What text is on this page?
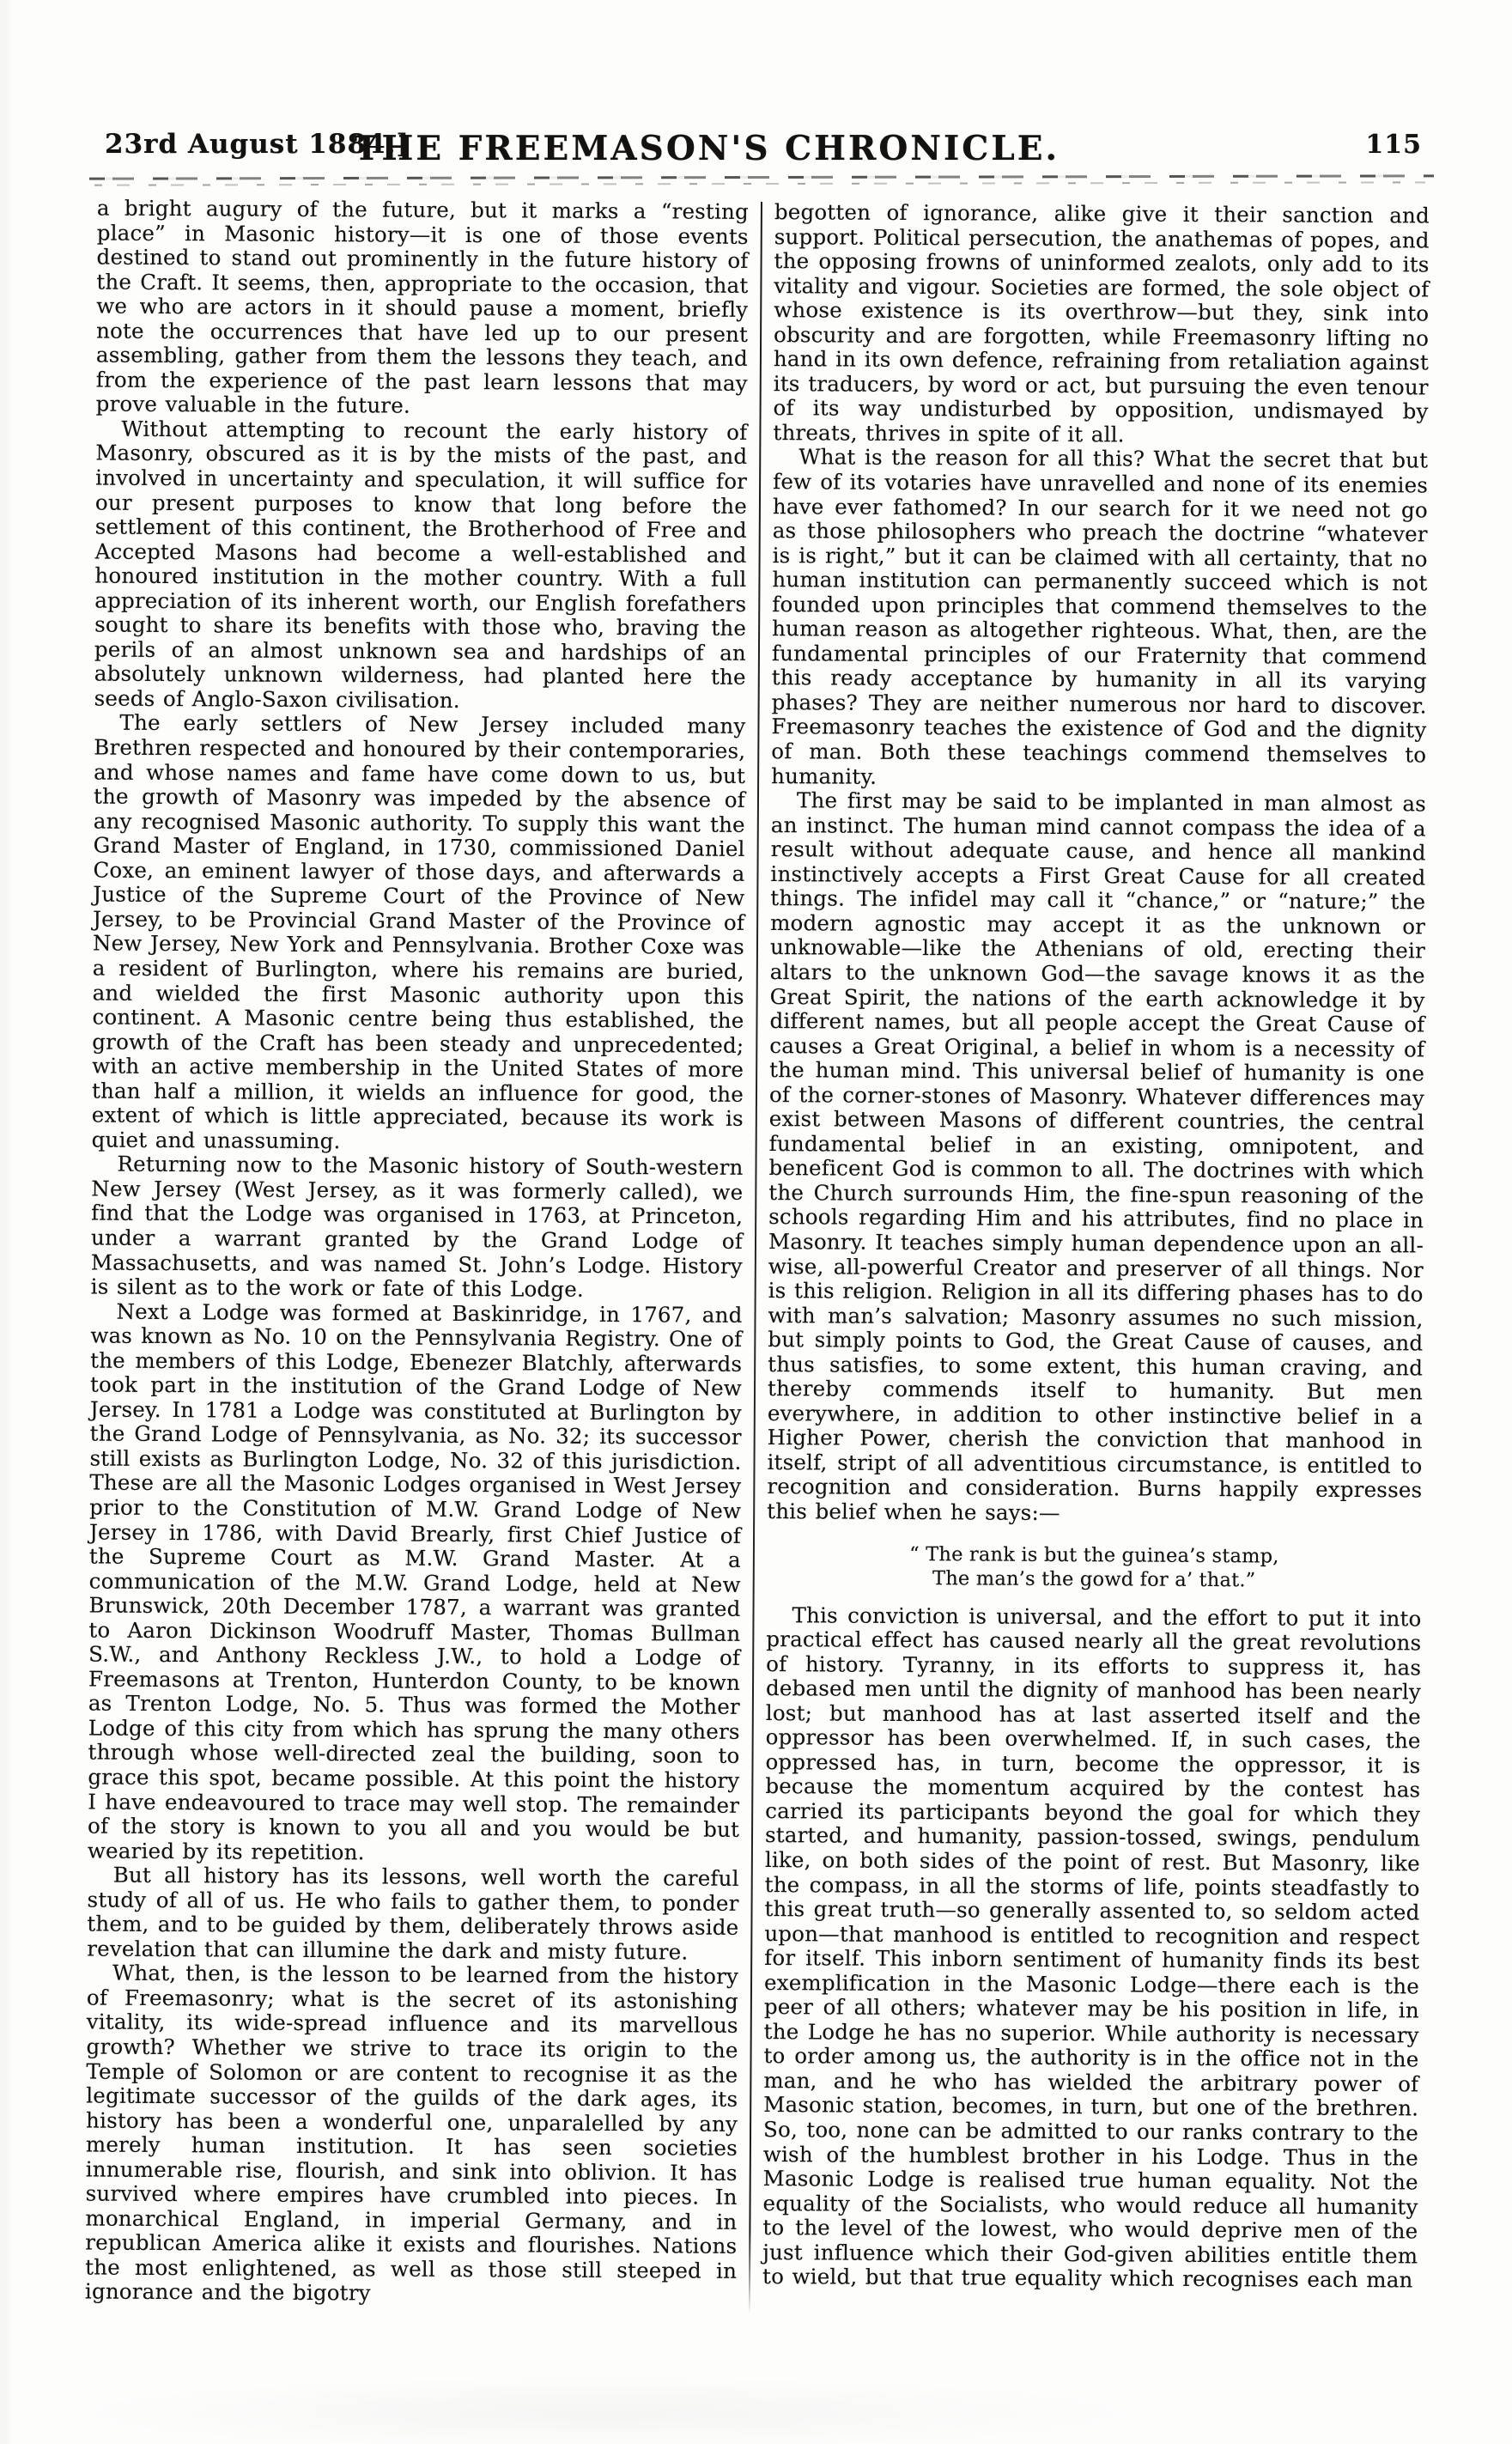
23rd August 1884.]
THE FREEMASON'S CHRONICLE.	115

a bright augury of the future, but it marks a “resting place” in Masonic history—it is one of those events destined to stand out prominently in the future history of the Craft. It seems, then, appropriate to the occasion, that we who are actors in it should pause a moment, briefly note the occurrences that have led up to our present assembling, gather from them the lessons they teach, and from the experience of the past learn lessons that may prove valuable in the future.

Without attempting to recount the early history of Masonry, obscured as it is by the mists of the past, and involved in uncertainty and speculation, it will suffice for our present purposes to know that long before the settlement of this continent, the Brotherhood of Free and Accepted Masons had become a well-established and honoured institution in the mother country. With a full appreciation of its inherent worth, our English forefathers sought to share its benefits with those who, braving the perils of an almost unknown sea and hardships of an absolutely unknown wilderness, had planted here the seeds of Anglo-Saxon civilisation.

The early settlers of New Jersey included many Brethren respected and honoured by their contemporaries, and whose names and fame have come down to us, but the growth of Masonry was impeded by the absence of any recognised Masonic authority. To supply this want the Grand Master of England, in 1730, commissioned Daniel Coxe, an eminent lawyer of those days, and afterwards a Justice of the Supreme Court of the Province of New Jersey, to be Provincial Grand Master of the Province of New Jersey, New York and Pennsylvania. Brother Coxe was a resident of Burlington, where his remains are buried, and wielded the first Masonic authority upon this continent. A Masonic centre being thus established, the growth of the Craft has been steady and unprecedented; with an active membership in the United States of more than half a million, it wields an influence for good, the extent of which is little appreciated, because its work is quiet and unassuming.

Returning now to the Masonic history of South-western New Jersey (West Jersey, as it was formerly called), we find that the Lodge was organised in 1763, at Princeton, under a warrant granted by the Grand Lodge of Massachusetts, and was named St. John’s Lodge. History is silent as to the work or fate of this Lodge.

Next a Lodge was formed at Baskinridge, in 1767, and was known as No. 10 on the Pennsylvania Registry. One of the members of this Lodge, Ebenezer Blatchly, afterwards took part in the institution of the Grand Lodge of New Jersey. In 1781 a Lodge was constituted at Burlington by the Grand Lodge of Pennsylvania, as No. 32; its successor still exists as Burlington Lodge, No. 32 of this jurisdiction. These are all the Masonic Lodges organised in West Jersey prior to the Constitution of M.W. Grand Lodge of New Jersey in 1786, with David Brearly, first Chief Justice of the Supreme Court as M.W. Grand Master. At a communication of the M.W. Grand Lodge, held at New Brunswick, 20th December 1787, a warrant was granted to Aaron Dickinson Woodruff Master, Thomas Bullman S.W., and Anthony Reckless J.W., to hold a Lodge of Freemasons at Trenton, Hunterdon County, to be known as Trenton Lodge, No. 5. Thus was formed the Mother Lodge of this city from which has sprung the many others through whose well-directed zeal the building, soon to grace this spot, became possible. At this point the history I have endeavoured to trace may well stop. The remainder of the story is known to you all and you would be but wearied by its repetition.

But all history has its lessons, well worth the careful study of all of us. He who fails to gather them, to ponder them, and to be guided by them, deliberately throws aside revelation that can illumine the dark and misty future.

What, then, is the lesson to be learned from the history of Freemasonry; what is the secret of its astonishing vitality, its wide-spread influence and its marvellous growth? Whether we strive to trace its origin to the Temple of Solomon or are content to recognise it as the legitimate successor of the guilds of the dark ages, its history has been a wonderful one, unparalelled by any merely human institution. It has seen societies innumerable rise, flourish, and sink into oblivion. It has survived where empires have crumbled into pieces. In monarchical England, in imperial Germany, and in republican America alike it exists and flourishes. Nations the most enlightened, as well as those still steeped in ignorance and the bigotry

begotten of ignorance, alike give it their sanction and support. Political persecution, the anathemas of popes, and the opposing frowns of uninformed zealots, only add to its vitality and vigour. Societies are formed, the sole object of whose existence is its overthrow—but they, sink into obscurity and are forgotten, while Freemasonry lifting no hand in its own defence, refraining from retaliation against its traducers, by word or act, but pursuing the even tenour of its way undisturbed by opposition, undismayed by threats, thrives in spite of it all.

What is the reason for all this? What the secret that but few of its votaries have unravelled and none of its enemies have ever fathomed? In our search for it we need not go as those philosophers who preach the doctrine “whatever is is right,” but it can be claimed with all certainty, that no human institution can permanently succeed which is not founded upon principles that commend themselves to the human reason as altogether righteous. What, then, are the fundamental principles of our Fraternity that commend this ready acceptance by humanity in all its varying phases? They are neither numerous nor hard to discover. Freemasonry teaches the existence of God and the dignity of man. Both these teachings commend themselves to humanity.

The first may be said to be implanted in man almost as an instinct. The human mind cannot compass the idea of a result without adequate cause, and hence all mankind instinctively accepts a First Great Cause for all created things. The infidel may call it “chance,” or “nature;” the modern agnostic may accept it as the unknown or unknowable—like the Athenians of old, erecting their altars to the unknown God—the savage knows it as the Great Spirit, the nations of the earth acknowledge it by different names, but all people accept the Great Cause of causes a Great Original, a belief in whom is a necessity of the human mind. This universal belief of humanity is one of the corner-stones of Masonry. Whatever differences may exist between Masons of different countries, the central fundamental belief in an existing, omnipotent, and beneficent God is common to all. The doctrines with which the Church surrounds Him, the fine-spun reasoning of the schools regarding Him and his attributes, find no place in Masonry. It teaches simply human dependence upon an all-wise, all-powerful Creator and preserver of all things. Nor is this religion. Religion in all its differing phases has to do with man’s salvation; Masonry assumes no such mission, but simply points to God, the Great Cause of causes, and thus satisfies, to some extent, this human craving, and thereby commends itself to humanity. But men everywhere, in addition to other instinctive belief in a Higher Power, cherish the conviction that manhood in itself, stript of all adventitious circumstance, is entitled to recognition and consideration. Burns happily expresses this belief when he says:—

“ The rank is but the guinea’s stamp,
The man’s the gowd for a’ that.”

This conviction is universal, and the effort to put it into practical effect has caused nearly all the great revolutions of history. Tyranny, in its efforts to suppress it, has debased men until the dignity of manhood has been nearly lost; but manhood has at last asserted itself and the oppressor has been overwhelmed. If, in such cases, the oppressed has, in turn, become the oppressor, it is because the momentum acquired by the contest has carried its participants beyond the goal for which they started, and humanity, passion-tossed, swings, pendulum like, on both sides of the point of rest. But Masonry, like the compass, in all the storms of life, points steadfastly to this great truth—so generally assented to, so seldom acted upon—that manhood is entitled to recognition and respect for itself. This inborn sentiment of humanity finds its best exemplification in the Masonic Lodge—there each is the peer of all others; whatever may be his position in life, in the Lodge he has no superior. While authority is necessary to order among us, the authority is in the office not in the man, and he who has wielded the arbitrary power of Masonic station, becomes, in turn, but one of the brethren. So, too, none can be admitted to our ranks contrary to the wish of the humblest brother in his Lodge. Thus in the Masonic Lodge is realised true human equality. Not the equality of the Socialists, who would reduce all humanity to the level of the lowest, who would deprive men of the just influence which their God-given abilities entitle them to wield, but that true equality which recognises each man
